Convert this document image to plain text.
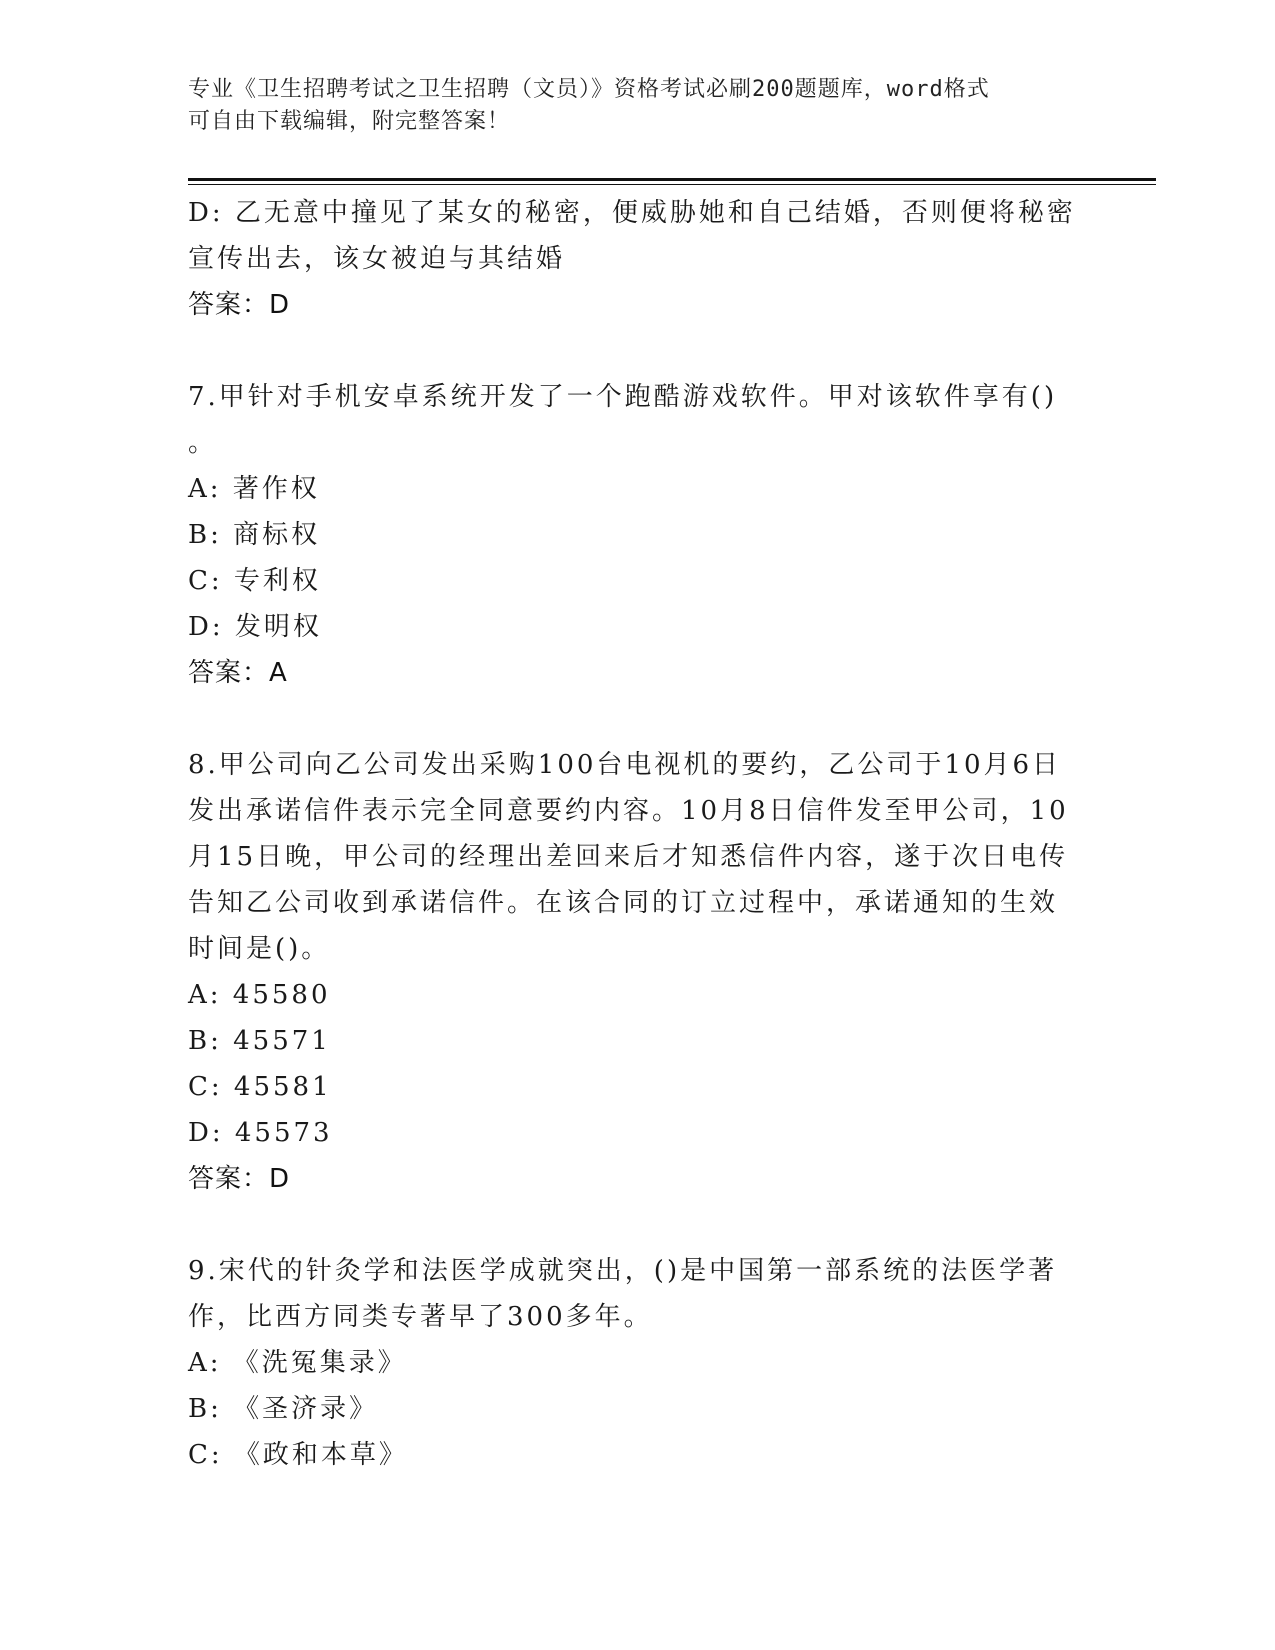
专业《卫生招聘考试之卫生招聘（文员）》资格考试必刷200题题库，word格式
可自由下载编辑，附完整答案！
D: 乙无意中撞见了某女的秘密，便威胁她和自己结婚，否则便将秘密
宣传出去，该女被迫与其结婚
答案：D
7.甲针对手机安卓系统开发了一个跑酷游戏软件。甲对该软件享有()
。
A: 著作权
B: 商标权
C: 专利权
D: 发明权
答案：A
8.甲公司向乙公司发出采购100台电视机的要约，乙公司于10月6日
发出承诺信件表示完全同意要约内容。10月8日信件发至甲公司，10
月15日晚，甲公司的经理出差回来后才知悉信件内容，遂于次日电传
告知乙公司收到承诺信件。在该合同的订立过程中，承诺通知的生效
时间是()。
A: 45580
B: 45571
C: 45581
D: 45573
答案：D
9.宋代的针灸学和法医学成就突出，()是中国第一部系统的法医学著
作，比西方同类专著早了300多年。
A: 《洗冤集录》
B: 《圣济录》
C: 《政和本草》
